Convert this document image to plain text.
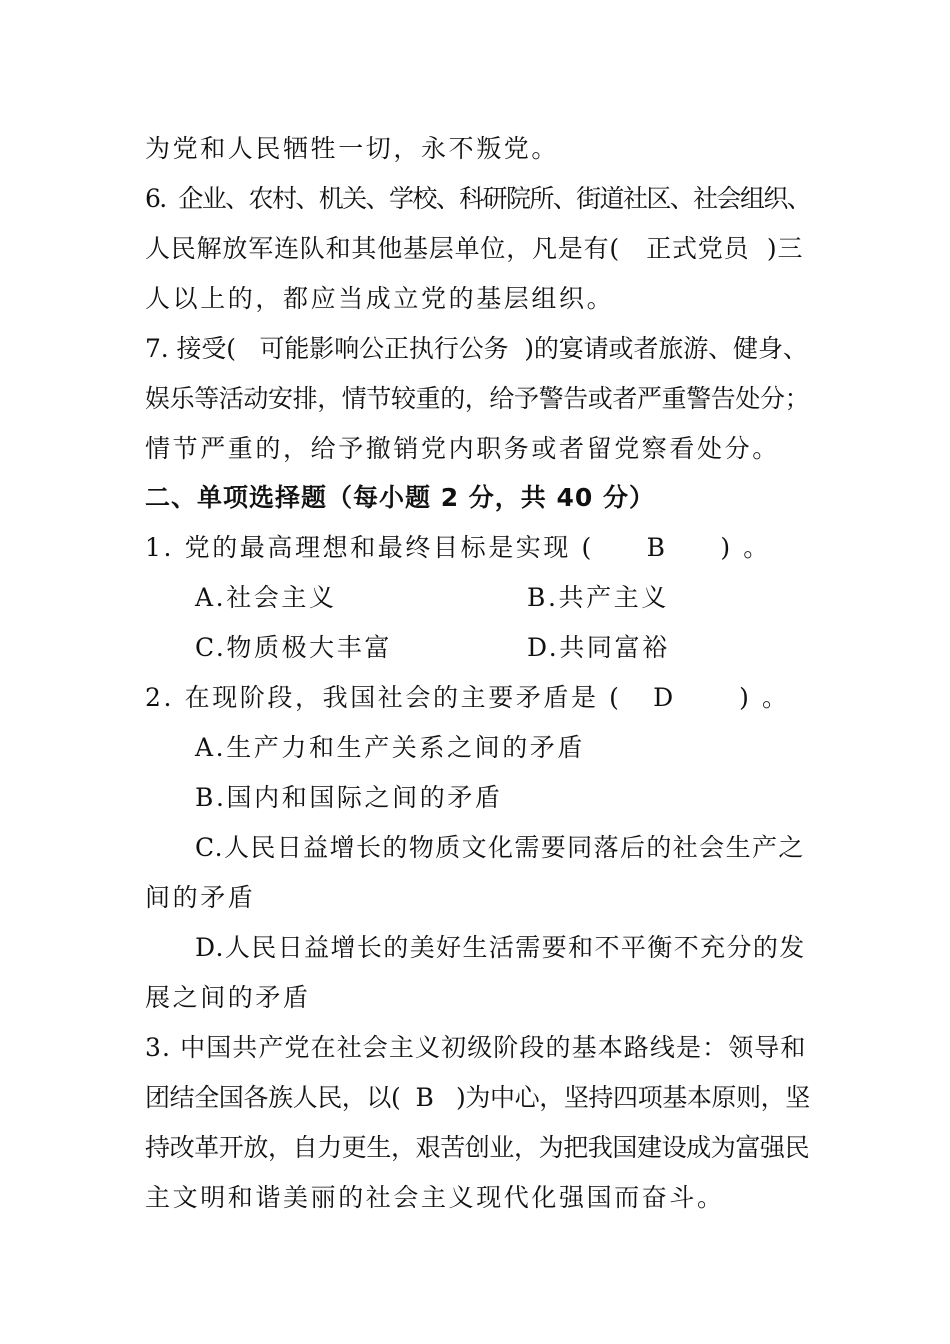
为党和人民牺牲一切，永不叛党。

6.  企业、农村、机关、学校、科研院所、街道社区、社会组织、

人民解放军连队和其他基层单位，凡是有(   正式党员  )三

人以上的，都应当成立党的基层组织。

7. 接受(   可能影响公正执行公务  )的宴请或者旅游、健身、

娱乐等活动安排，情节较重的，给予警告或者严重警告处分；

情节严重的，给予撤销党内职务或者留党察看处分。

二、单项选择题（每小题 2 分，共 40 分）

1. 党的最高理想和最终目标是实现 (     B     ) 。

A.社会主义	B.共产主义

C.物质极大丰富	D.共同富裕

2. 在现阶段，我国社会的主要矛盾是 (   D      ) 。

A.生产力和生产关系之间的矛盾

B.国内和国际之间的矛盾

C.人民日益增长的物质文化需要同落后的社会生产之

间的矛盾

D.人民日益增长的美好生活需要和不平衡不充分的发

展之间的矛盾

3. 中国共产党在社会主义初级阶段的基本路线是：领导和

团结全国各族人民，以(  B   )为中心，坚持四项基本原则，坚

持改革开放，自力更生，艰苦创业，为把我国建设成为富强民

主文明和谐美丽的社会主义现代化强国而奋斗。
